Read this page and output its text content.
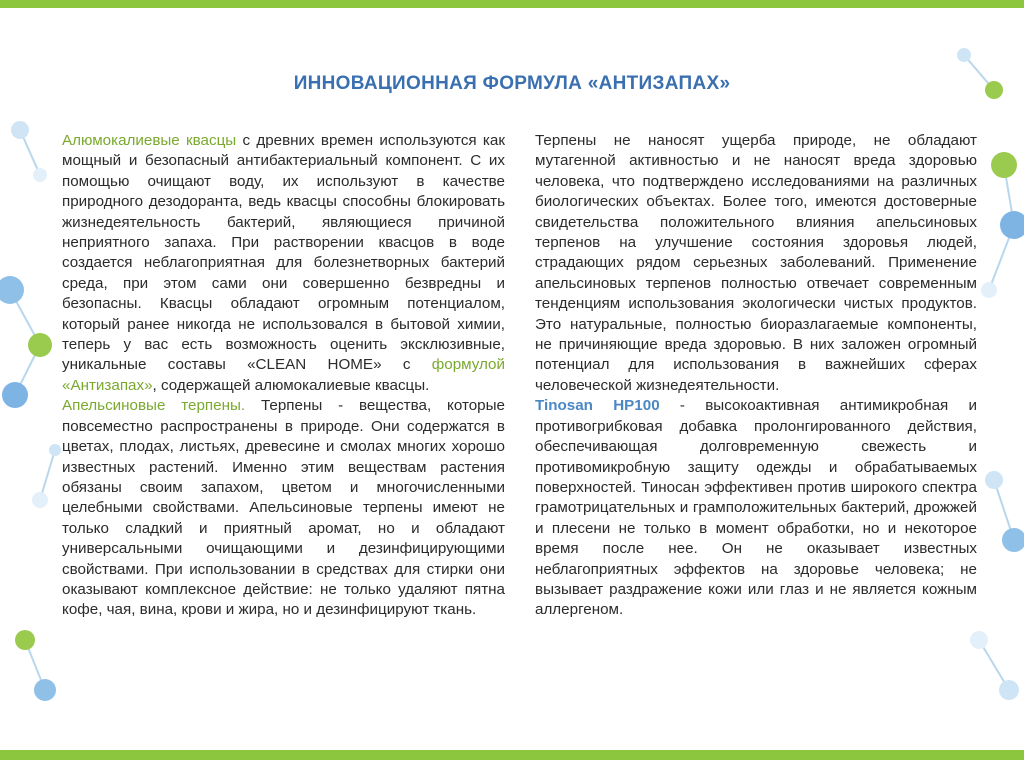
ИННОВАЦИОННАЯ ФОРМУЛА «АНТИЗАПАХ»

Алюмокалиевые квасцы с древних времен используются как мощный и безопасный антибактериальный компонент. С их помощью очищают воду, их используют в качестве природного дезодоранта, ведь квасцы способны блокировать жизнедеятельность бактерий, являющиеся причиной неприятного запаха. При растворении квасцов в воде создается неблагоприятная для болезнетворных бактерий среда, при этом сами они совершенно безвредны и безопасны. Квасцы обладают огромным потенциалом, который ранее никогда не использовался в бытовой химии, теперь у вас есть возможность оценить эксклюзивные, уникальные составы «CLEAN HOME» с формулой «Антизапах», содержащей алюмокалиевые квасцы.

Апельсиновые терпены. Терпены - вещества, которые повсеместно распространены в природе. Они содержатся в цветах, плодах, листьях, древесине и смолах многих хорошо известных растений. Именно этим веществам растения обязаны своим запахом, цветом и многочисленными целебными свойствами. Апельсиновые терпены имеют не только сладкий и приятный аромат, но и обладают универсальными очищающими и дезинфицирующими свойствами. При использовании в средствах для стирки они оказывают комплексное действие: не только удаляют пятна кофе, чая, вина, крови и жира, но и дезинфицируют ткань.

Терпены не наносят ущерба природе, не обладают мутагенной активностью и не наносят вреда здоровью человека, что подтверждено исследованиями на различных биологических объектах. Более того, имеются достоверные свидетельства положительного влияния апельсиновых терпенов на улучшение состояния здоровья людей, страдающих рядом серьезных заболеваний. Применение апельсиновых терпенов полностью отвечает современным тенденциям использования экологически чистых продуктов. Это натуральные, полностью биоразлагаемые компоненты, не причиняющие вреда здоровью. В них заложен огромный потенциал для использования в важнейших сферах человеческой жизнедеятельности.

Tinosan HP100 - высокоактивная антимикробная и противогрибковая добавка пролонгированного действия, обеспечивающая долговременную свежесть и противомикробную защиту одежды и обрабатываемых поверхностей. Тиносан эффективен против широкого спектра грамотрицательных и грамположительных бактерий, дрожжей и плесени не только в момент обработки, но и некоторое время после нее. Он не оказывает известных неблагоприятных эффектов на здоровье человека; не вызывает раздражение кожи или глаз и не является кожным аллергеном.
